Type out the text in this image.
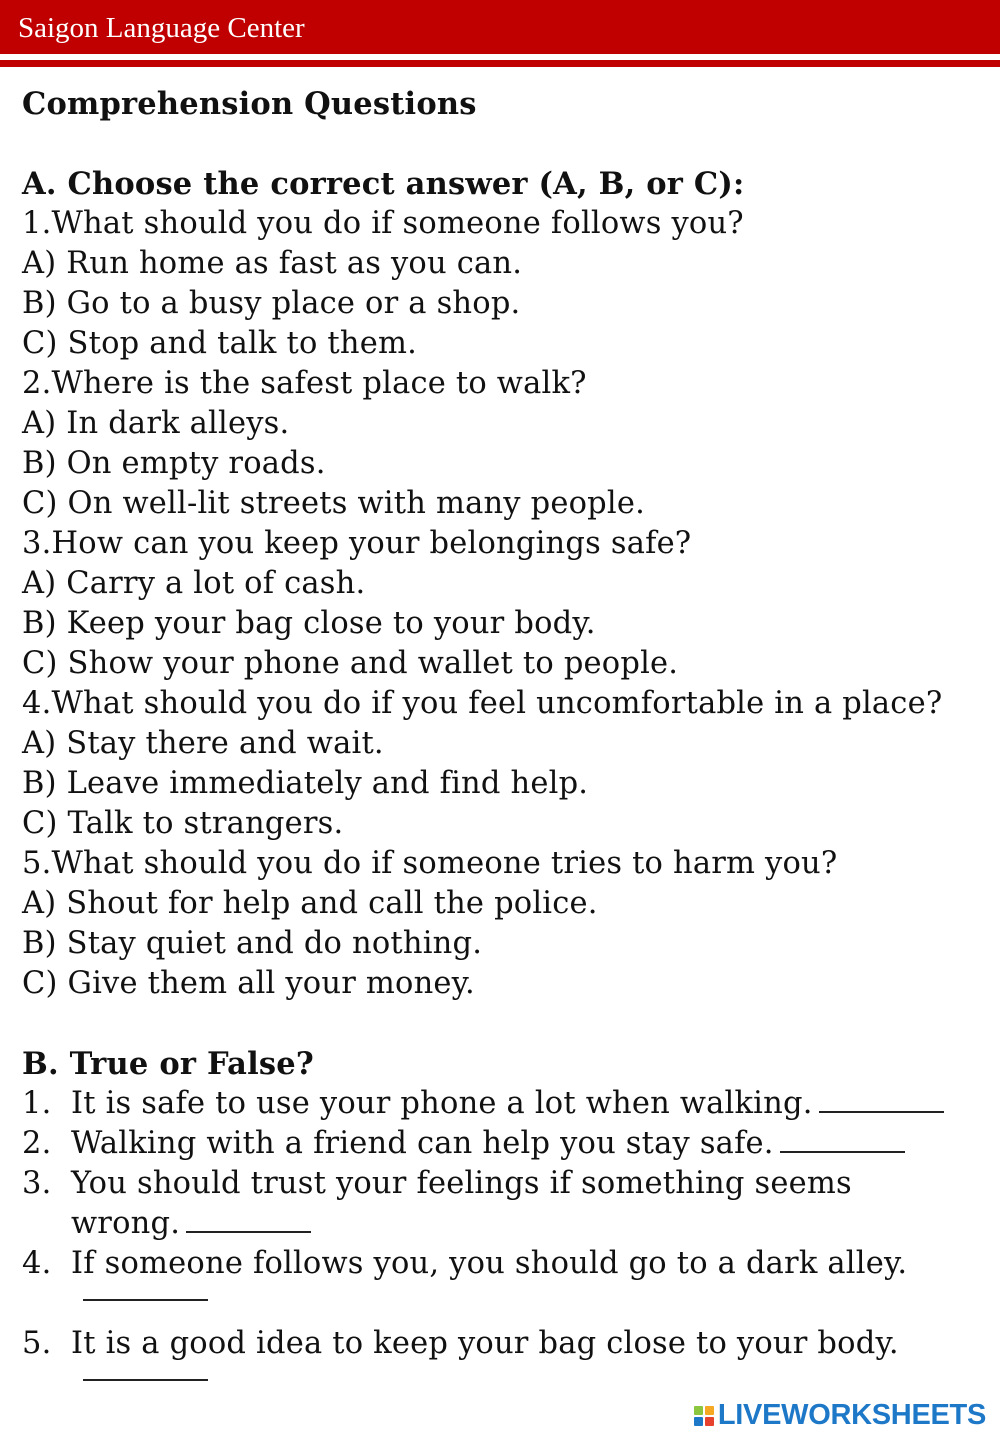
Saigon Language Center
Comprehension Questions
A. Choose the correct answer (A, B, or C):
1.What should you do if someone follows you?
A) Run home as fast as you can.
B) Go to a busy place or a shop.
C) Stop and talk to them.
2.Where is the safest place to walk?
A) In dark alleys.
B) On empty roads.
C) On well-lit streets with many people.
3.How can you keep your belongings safe?
A) Carry a lot of cash.
B) Keep your bag close to your body.
C) Show your phone and wallet to people.
4.What should you do if you feel uncomfortable in a place?
A) Stay there and wait.
B) Leave immediately and find help.
C) Talk to strangers.
5.What should you do if someone tries to harm you?
A) Shout for help and call the police.
B) Stay quiet and do nothing.
C) Give them all your money.
B. True or False?
1. It is safe to use your phone a lot when walking.
2. Walking with a friend can help you stay safe.
3. You should trust your feelings if something seems
wrong.
4. If someone follows you, you should go to a dark alley.
5. It is a good idea to keep your bag close to your body.
LIVEWORKSHEETS
